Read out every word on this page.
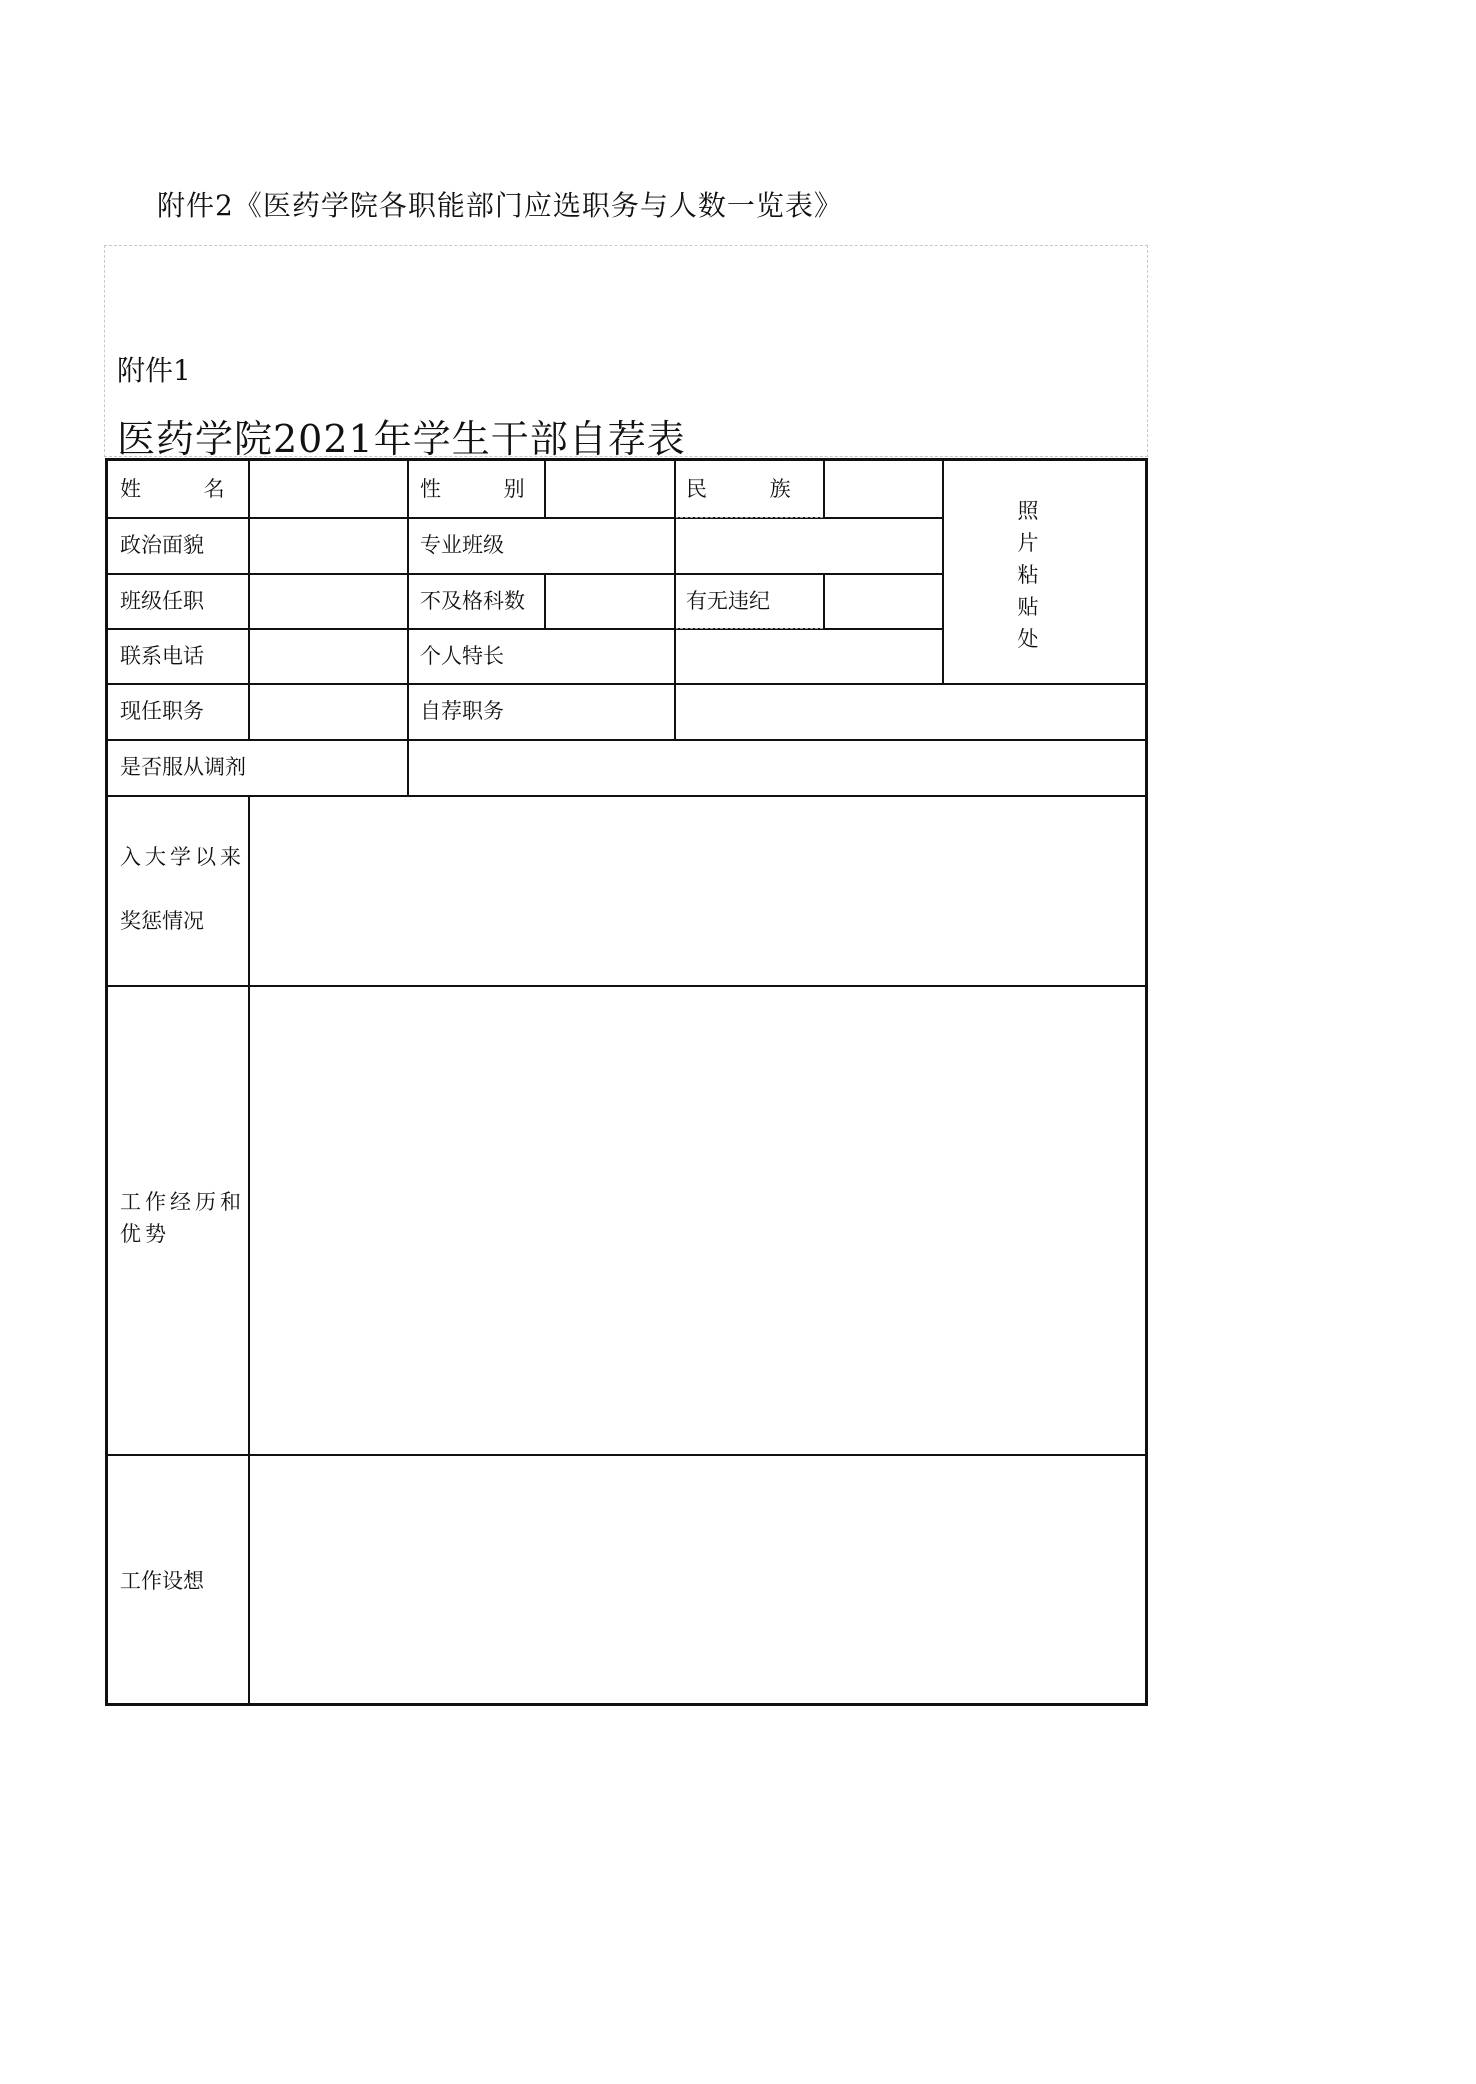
附件2《医药学院各职能部门应选职务与人数一览表》
附件1
医药学院2021年学生干部自荐表
姓 名	性 别	民 族
政治面貌	专业班级
班级任职	不及格科数	有无违纪
联系电话	个人特长
照片粘贴处
现任职务	自荐职务
是否服从调剂
入大学以来
奖惩情况
工作经历和优势
工作设想
